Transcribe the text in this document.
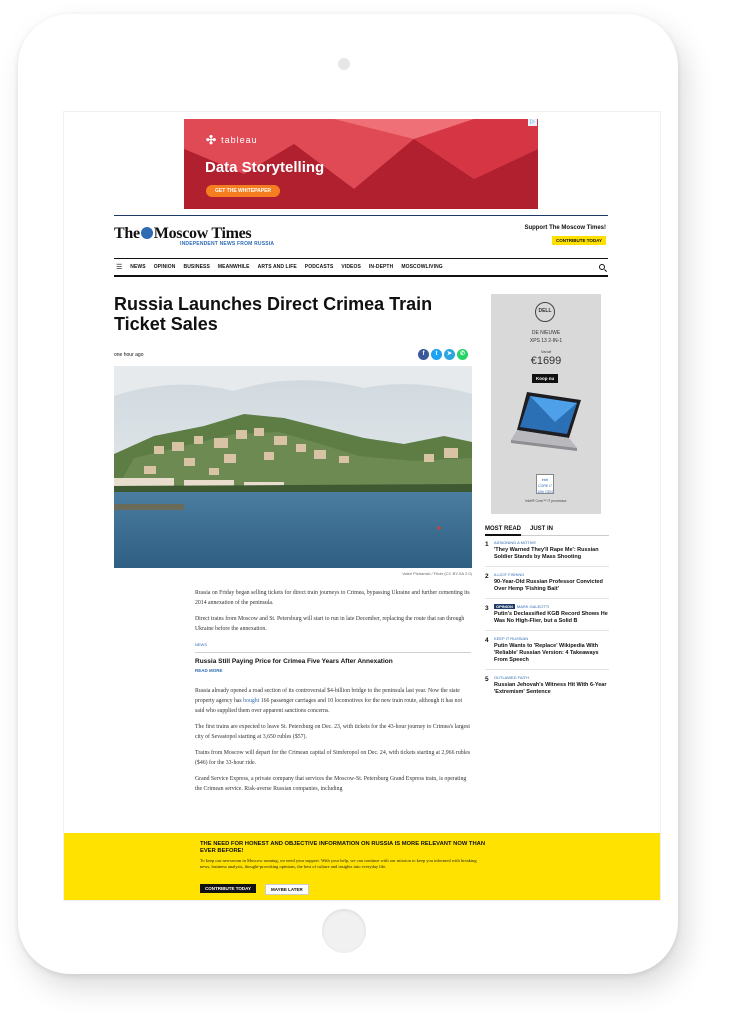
✣ tableau
Data Storytelling
GET THE WHITEPAPER
▷
The Moscow Times
INDEPENDENT NEWS FROM RUSSIA
Support The Moscow Times!
CONTRIBUTE TODAY
☰ NEWS OPINION BUSINESS MEANWHILE ARTS AND LIFE PODCASTS VIDEOS IN-DEPTH MOSCOWLIVING
Russia Launches Direct Crimea Train Ticket Sales
one hour ago	f	t	➤	✆
Valeri Pizhanski / Flickr (CC BY-SA 2.0)

Russia on Friday began selling tickets for direct train journeys to Crimea, bypassing Ukraine and further cementing its 2014 annexation of the peninsula.

Direct trains from Moscow and St. Petersburg will start to run in late December, replacing the route that ran through Ukraine before the annexation.

NEWS
Russia Still Paying Price for Crimea Five Years After Annexation
READ MORE

Russia already opened a road section of its controversial $4-billion bridge to the peninsula last year. Now the state property agency has bought 166 passenger carriages and 10 locomotives for the new train route, although it has not said who supplied them over apparent sanctions concerns.

The first trains are expected to leave St. Petersburg on Dec. 23, with tickets for the 43-hour journey to Crimea's largest city of Sevastopol starting at 3,650 rubles ($57).

Trains from Moscow will depart for the Crimean capital of Simferopol on Dec. 24, with tickets starting at 2,966 rubles ($46) for the 33-hour ride.

Grand Service Express, a private company that services the Moscow-St. Petersburg Grand Express train, is operating the Crimean service. Risk-averse Russian companies, including

DELL
DE NIEUWE
XPS 13 2-IN-1
Vanaf
€1699
Koop nu
intel
CORE i7
10th GEN
Intel® Core™ i7 processor
MOST READ JUST IN
1 ASSIGNING A MOTIVE
'They Warned They'll Rape Me': Russian Soldier Stands by Mass Shooting
2 ILLICIT FISHING
90-Year-Old Russian Professor Convicted Over Hemp 'Fishing Bait'
3	OPINION MARK GALEOTTI
Putin's Declassified KGB Record Shows He Was No High-Flier, but a Solid B
4 KEEP IT RUSSIAN
Putin Wants to 'Replace' Wikipedia With 'Reliable' Russian Version: 4 Takeaways From Speech
5 OUTLAWED FAITH
Russian Jehovah's Witness Hit With 6-Year 'Extremism' Sentence
THE NEED FOR HONEST AND OBJECTIVE INFORMATION ON RUSSIA IS MORE RELEVANT NOW THAN EVER BEFORE!
To keep our newsroom in Moscow running, we need your support. With your help, we can continue with our mission to keep you informed with breaking news, business analysis, thought-provoking opinions, the best of culture and insights into everyday life.
CONTRIBUTE TODAY	MAYBE LATER
